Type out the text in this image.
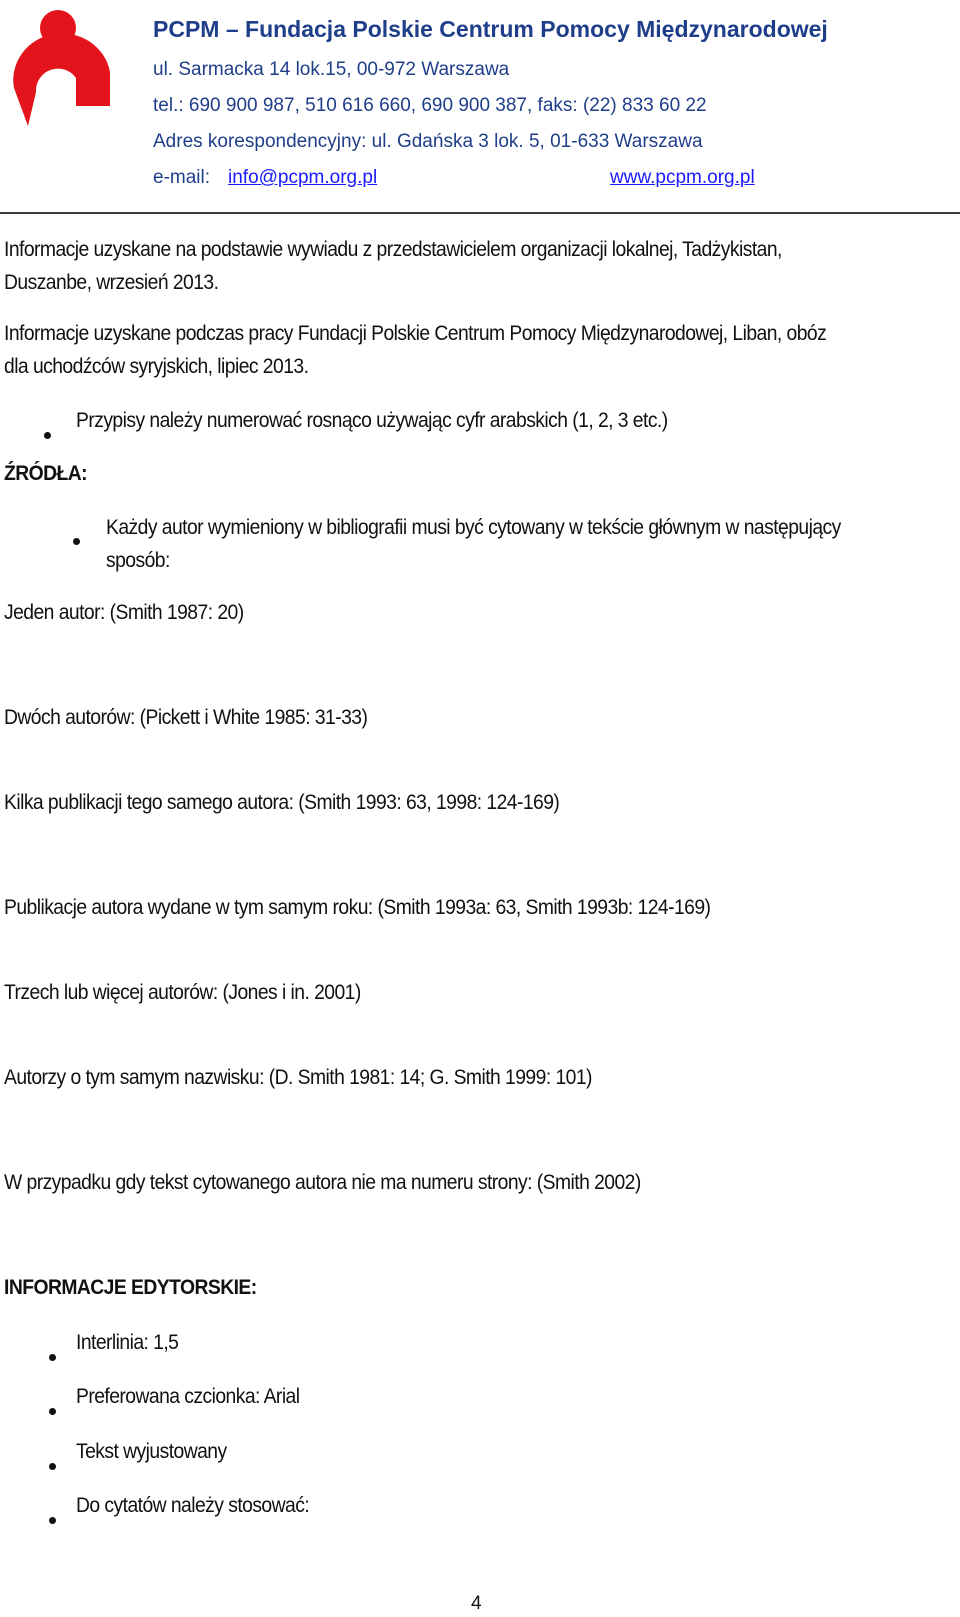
PCPM – Fundacja Polskie Centrum Pomocy Międzynarodowej
ul. Sarmacka 14 lok.15, 00-972 Warszawa
tel.: 690 900 987, 510 616 660, 690 900 387, faks: (22) 833 60 22
Adres korespondencyjny: ul. Gdańska 3 lok. 5, 01-633 Warszawa
e-mail: info@pcpm.org.pl	www.pcpm.org.pl
Informacje uzyskane na podstawie wywiadu z przedstawicielem organizacji lokalnej, Tadżykistan,
Duszanbe, wrzesień 2013.
Informacje uzyskane podczas pracy Fundacji Polskie Centrum Pomocy Międzynarodowej, Liban, obóz
dla uchodźców syryjskich, lipiec 2013.
Przypisy należy numerować rosnąco używając cyfr arabskich (1, 2, 3 etc.)
ŹRÓDŁA:
Każdy autor wymieniony w bibliografii musi być cytowany w tekście głównym w następujący
sposób:
Jeden autor: (Smith 1987: 20)
Dwóch autorów: (Pickett i White 1985: 31-33)
Kilka publikacji tego samego autora: (Smith 1993: 63, 1998: 124-169)
Publikacje autora wydane w tym samym roku: (Smith 1993a: 63, Smith 1993b: 124-169)
Trzech lub więcej autorów: (Jones i in. 2001)
Autorzy o tym samym nazwisku: (D. Smith 1981: 14; G. Smith 1999: 101)
W przypadku gdy tekst cytowanego autora nie ma numeru strony: (Smith 2002)
INFORMACJE EDYTORSKIE:
Interlinia: 1,5
Preferowana czcionka: Arial
Tekst wyjustowany
Do cytatów należy stosować:
4
